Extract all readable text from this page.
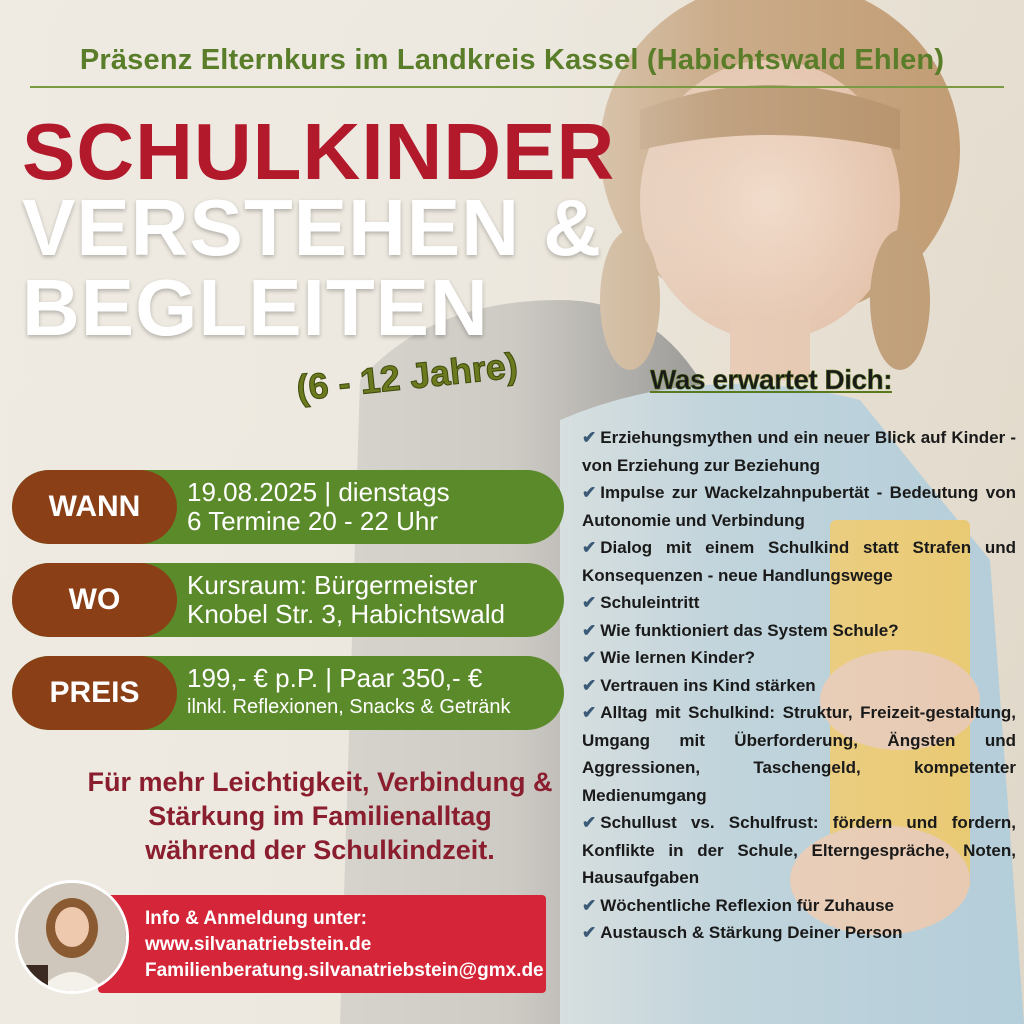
Präsenz Elternkurs im Landkreis Kassel (Habichtswald Ehlen)
SCHULKINDER
VERSTEHEN &
BEGLEITEN
(6 - 12 Jahre)
WANN	19.08.2025 | dienstags
6 Termine 20 - 22 Uhr
WO	Kursraum: Bürgermeister
Knobel Str. 3, Habichtswald
PREIS	199,- € p.P. | Paar 350,- €
ilnkl. Reflexionen, Snacks & Getränk
Für mehr Leichtigkeit, Verbindung &
Stärkung im Familienalltag
während der Schulkindzeit.
Info & Anmeldung unter:
www.silvanatriebstein.de
Familienberatung.silvanatriebstein@gmx.de
Was erwartet Dich:
✔ Erziehungsmythen und ein neuer Blick auf Kinder - von Erziehung zur Beziehung
✔ Impulse zur Wackelzahnpubertät - Bedeutung von Autonomie und Verbindung
✔ Dialog mit einem Schulkind statt Strafen und Konsequenzen - neue Handlungswege
✔ Schuleintritt
✔ Wie funktioniert das System Schule?
✔ Wie lernen Kinder?
✔ Vertrauen ins Kind stärken
✔ Alltag mit Schulkind: Struktur, Freizeit-gestaltung, Umgang mit Überforderung, Ängsten und Aggressionen, Taschengeld, kompetenter Medienumgang
✔ Schullust vs. Schulfrust: fördern und fordern, Konflikte in der Schule, Elterngespräche, Noten, Hausaufgaben
✔ Wöchentliche Reflexion für Zuhause
✔ Austausch & Stärkung Deiner Person
